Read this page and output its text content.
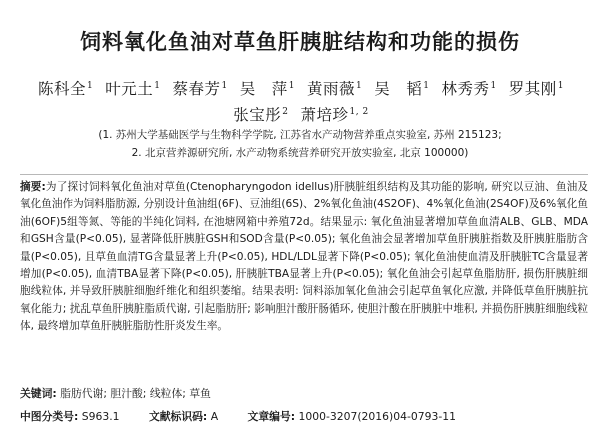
饲料氧化鱼油对草鱼肝胰脏结构和功能的损伤
陈科全$^1$ 叶元土$^1$ 蔡春芳$^1$ 吴　萍$^1$ 黄雨薇$^1$ 吴　韬$^1$ 林秀秀$^1$ 罗其刚$^1$
张宝彤$^2$ 萧培珍$^{1, 2}$
(1. 苏州大学基础医学与生物科学学院, 江苏省水产动物营养重点实验室, 苏州 215123;
2. 北京营养源研究所, 水产动物系统营养研究开放实验室, 北京 100000)
摘要:为了探讨饲料氧化鱼油对草鱼(Ctenopharyngodon idellus)肝胰脏组织结构及其功能的影响, 研究以豆油、鱼油及氧化鱼油作为饲料脂肪源, 分别设计鱼油组(6F)、豆油组(6S)、2%氧化鱼油(4S2OF)、4%氧化鱼油(2S4OF)及6%氧化鱼油(6OF)5组等氮、等能的半纯化饲料, 在池塘网箱中养殖72d。结果显示: 氧化鱼油显著增加草鱼血清ALB、GLB、MDA和GSH含量(P<0.05), 显著降低肝胰脏GSH和SOD含量(P<0.05); 氧化鱼油会显著增加草鱼肝胰脏指数及肝胰脏脂肪含量(P<0.05), 且草鱼血清TG含量显著上升(P<0.05), HDL/LDL显著下降(P<0.05); 氧化鱼油使血清及肝胰脏TC含量显著增加(P<0.05), 血清TBA显著下降(P<0.05), 肝胰脏TBA显著上升(P<0.05); 氧化鱼油会引起草鱼脂肪肝, 损伤肝胰脏细胞线粒体, 并导致肝胰脏细胞纤维化和组织萎缩。结果表明: 饲料添加氧化鱼油会引起草鱼氧化应激, 并降低草鱼肝胰脏抗氧化能力; 扰乱草鱼肝胰脏脂质代谢, 引起脂肪肝; 影响胆汁酸肝肠循环, 使胆汁酸在肝胰脏中堆积, 并损伤肝胰脏细胞线粒体, 最终增加草鱼肝胰脏脂肪性肝炎发生率。
关键词: 脂肪代谢; 胆汁酸; 线粒体; 草鱼
中图分类号: S963.1	文献标识码: A	文章编号: 1000-3207(2016)04-0793-11
